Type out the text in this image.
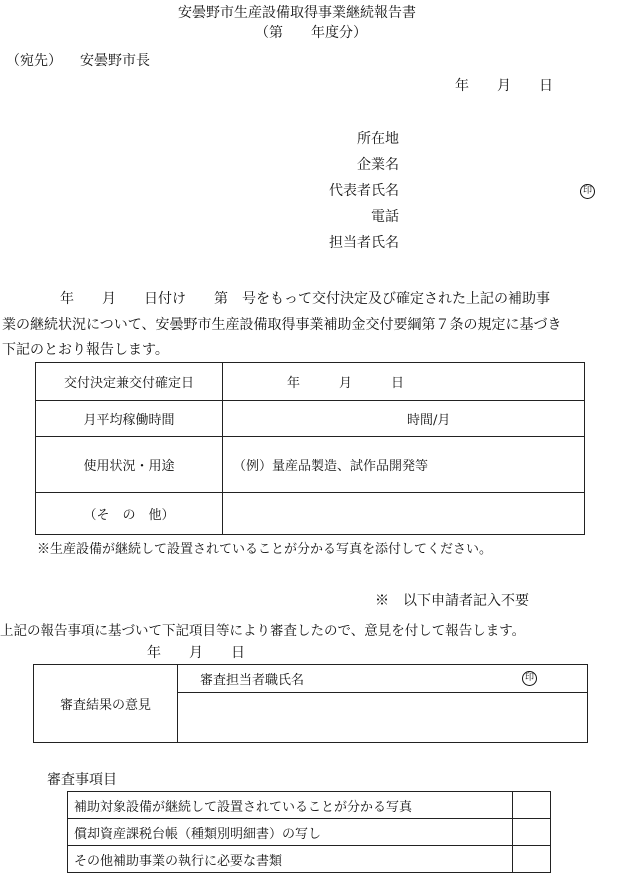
安曇野市生産設備取得事業継続報告書
（第　　年度分）
（宛先） 安曇野市長
年　　月　　日
所在地
企業名
代表者氏名	印
電話
担当者氏名
年　　月　　日付け　　第　号をもって交付決定及び確定された上記の補助事
業の継続状況について、安曇野市生産設備取得事業補助金交付要綱第７条の規定に基づき
下記のとおり報告します。
交付決定兼交付確定日	年　　　月　　　日
月平均稼働時間	時間/月
使用状況・用途	（例）量産品製造、試作品開発等
（そ　の　他）	
※生産設備が継続して設置されていることが分かる写真を添付してください。
※　以下申請者記入不要
上記の報告事項に基づいて下記項目等により審査したので、意見を付して報告します。
年　　月　　日
審査結果の意見	審査担当者職氏名	印

審査事項目
補助対象設備が継続して設置されていることが分かる写真	
償却資産課税台帳（種類別明細書）の写し	
その他補助事業の執行に必要な書類	
